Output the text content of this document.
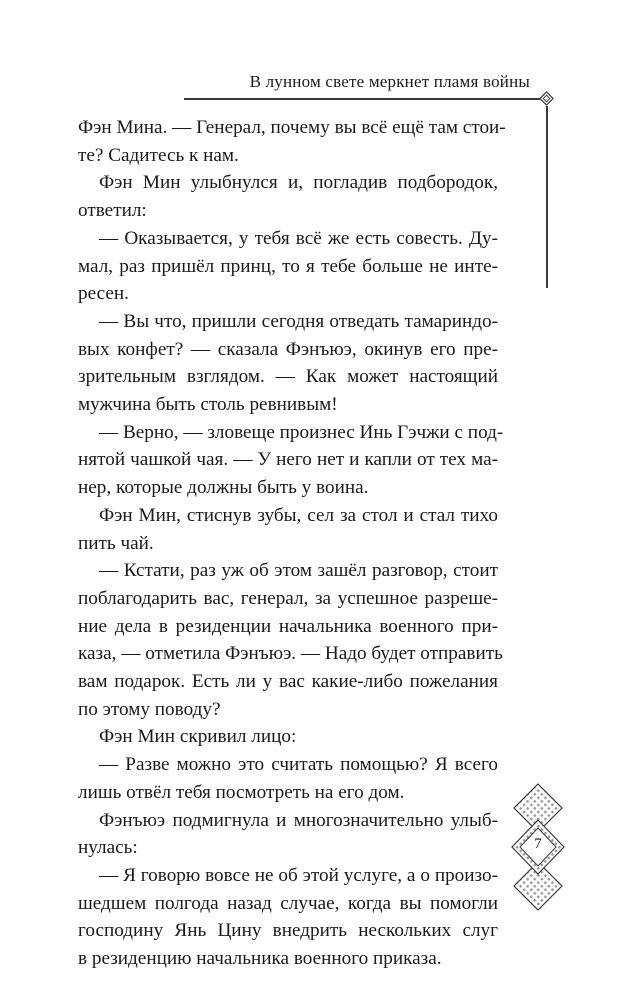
В лунном свете меркнет пламя войны
Фэн Мина. — Генерал, почему вы всё ещё там стои-
те? Садитесь к нам.
Фэн Мин улыбнулся и, погладив подбородок,
ответил:
— Оказывается, у тебя всё же есть совесть. Ду-
мал, раз пришёл принц, то я тебе больше не инте-
ресен.
— Вы что, пришли сегодня отведать тамариндо-
вых конфет? — сказала Фэнъюэ, окинув его пре-
зрительным взглядом. — Как может настоящий
мужчина быть столь ревнивым!
— Верно, — зловеще произнес Инь Гэчжи с под-
нятой чашкой чая. — У него нет и капли от тех ма-
нер, которые должны быть у воина.
Фэн Мин, стиснув зубы, сел за стол и стал тихо
пить чай.
— Кстати, раз уж об этом зашёл разговор, стоит
поблагодарить вас, генерал, за успешное разреше-
ние дела в резиденции начальника военного при-
каза, — отметила Фэнъюэ. — Надо будет отправить
вам подарок. Есть ли у вас какие-либо пожелания
по этому поводу?
Фэн Мин скривил лицо:
— Разве можно это считать помощью? Я всего
лишь отвёл тебя посмотреть на его дом.
Фэнъюэ подмигнула и многозначительно улыб-
нулась:
— Я говорю вовсе не об этой услуге, а о произо-
шедшем полгода назад случае, когда вы помогли
господину Янь Цину внедрить нескольких слуг
в резиденцию начальника военного приказа.
7
